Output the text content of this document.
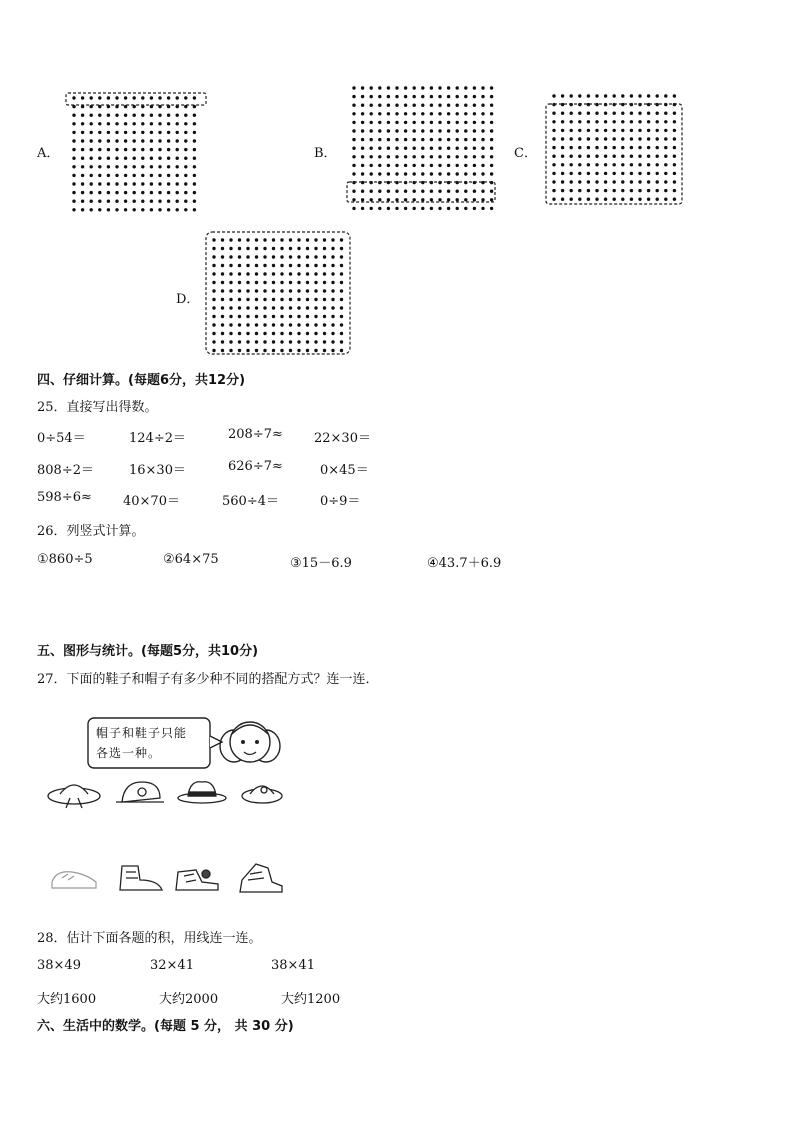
A．	B．	C．
D．
四、仔细计算。(每题6分，共12分)
25．直接写出得数。
0÷54＝	124÷2＝	208÷7≈ 22×30＝
808÷2＝	16×30＝	626÷7≈	0×45＝
598÷6≈ 40×70＝	560÷4＝	0÷9＝
26．列竖式计算。
①860÷5	②64×75	③15－6.9	④43.7＋6.9
五、图形与统计。(每题5分，共10分)
27．下面的鞋子和帽子有多少种不同的搭配方式？连一连．
帽子和鞋子只能
各选一种。
28．估计下面各题的积，用线连一连。
38×49	32×41	38×41
大约1600	大约2000	大约1200
六、生活中的数学。(每题 5 分， 共 30 分)
